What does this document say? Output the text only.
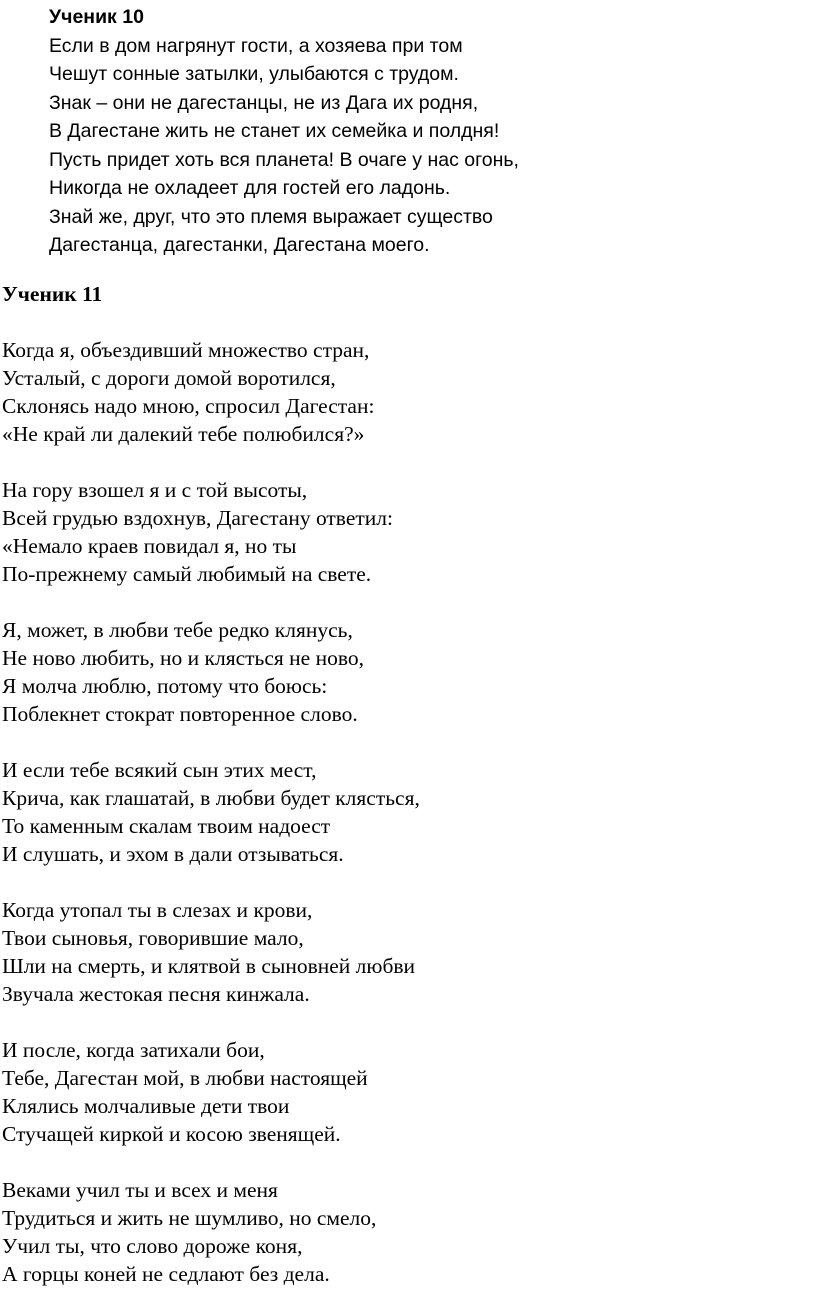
Ученик 10
Если в дом нагрянут гости, а хозяева при том
Чешут сонные затылки, улыбаются с трудом.
Знак – они не дагестанцы, не из Дага их родня,
В Дагестане жить не станет их семейка и полдня!
Пусть придет хоть вся планета! В очаге у нас огонь,
Никогда не охладеет для гостей его ладонь.
Знай же, друг, что это племя выражает существо
Дагестанца, дагестанки, Дагестана моего.
Ученик 11
Когда я, объездивший множество стран,
Усталый, с дороги домой воротился,
Склонясь надо мною, спросил Дагестан:
«Не край ли далекий тебе полюбился?»
На гору взошел я и с той высоты,
Всей грудью вздохнув, Дагестану ответил:
«Немало краев повидал я, но ты
По-прежнему самый любимый на свете.
Я, может, в любви тебе редко клянусь,
Не ново любить, но и клясться не ново,
Я молча люблю, потому что боюсь:
Поблекнет стократ повторенное слово.
И если тебе всякий сын этих мест,
Крича, как глашатай, в любви будет клясться,
То каменным скалам твоим надоест
И слушать, и эхом в дали отзываться.
Когда утопал ты в слезах и крови,
Твои сыновья, говорившие мало,
Шли на смерть, и клятвой в сыновней любви
Звучала жестокая песня кинжала.
И после, когда затихали бои,
Тебе, Дагестан мой, в любви настоящей
Клялись молчаливые дети твои
Стучащей киркой и косою звенящей.
Веками учил ты и всех и меня
Трудиться и жить не шумливо, но смело,
Учил ты, что слово дороже коня,
А горцы коней не седлают без дела.
